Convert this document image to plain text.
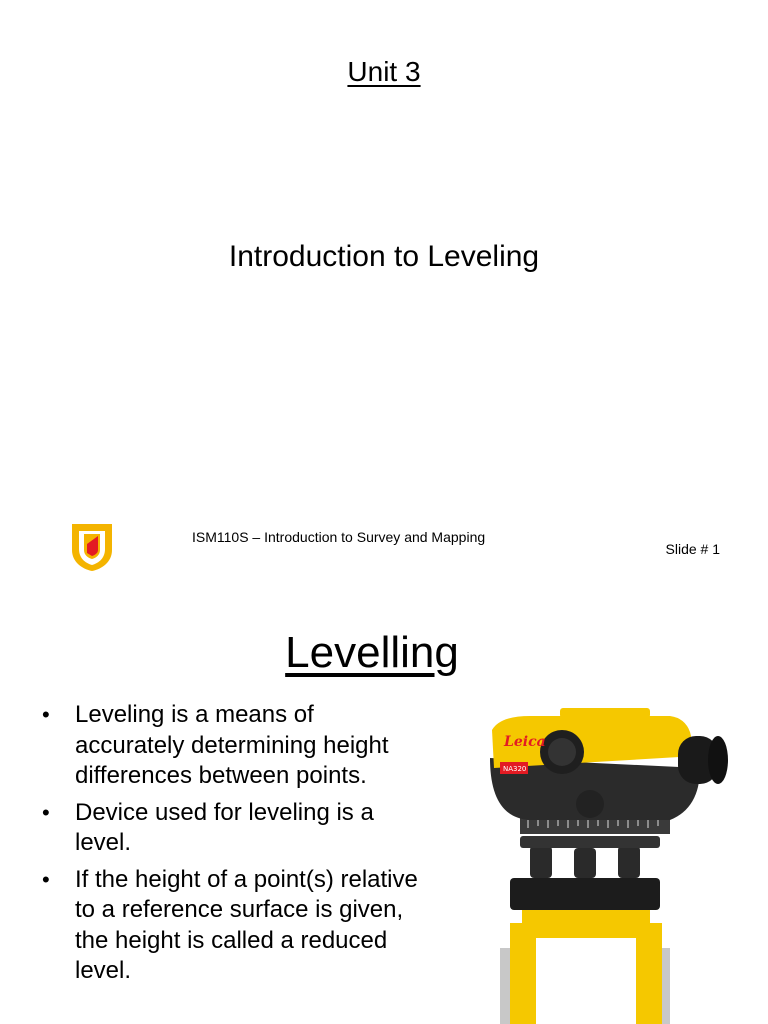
Unit 3
Introduction to Leveling
ISM110S – Introduction to Survey and Mapping
Slide # 1
Levelling
• Leveling is a means of accurately determining height differences between points.
• Device used for leveling is a level.
• If the height of a point(s) relative to a reference surface is given, the height is called a reduced level.
Leica
NA320
